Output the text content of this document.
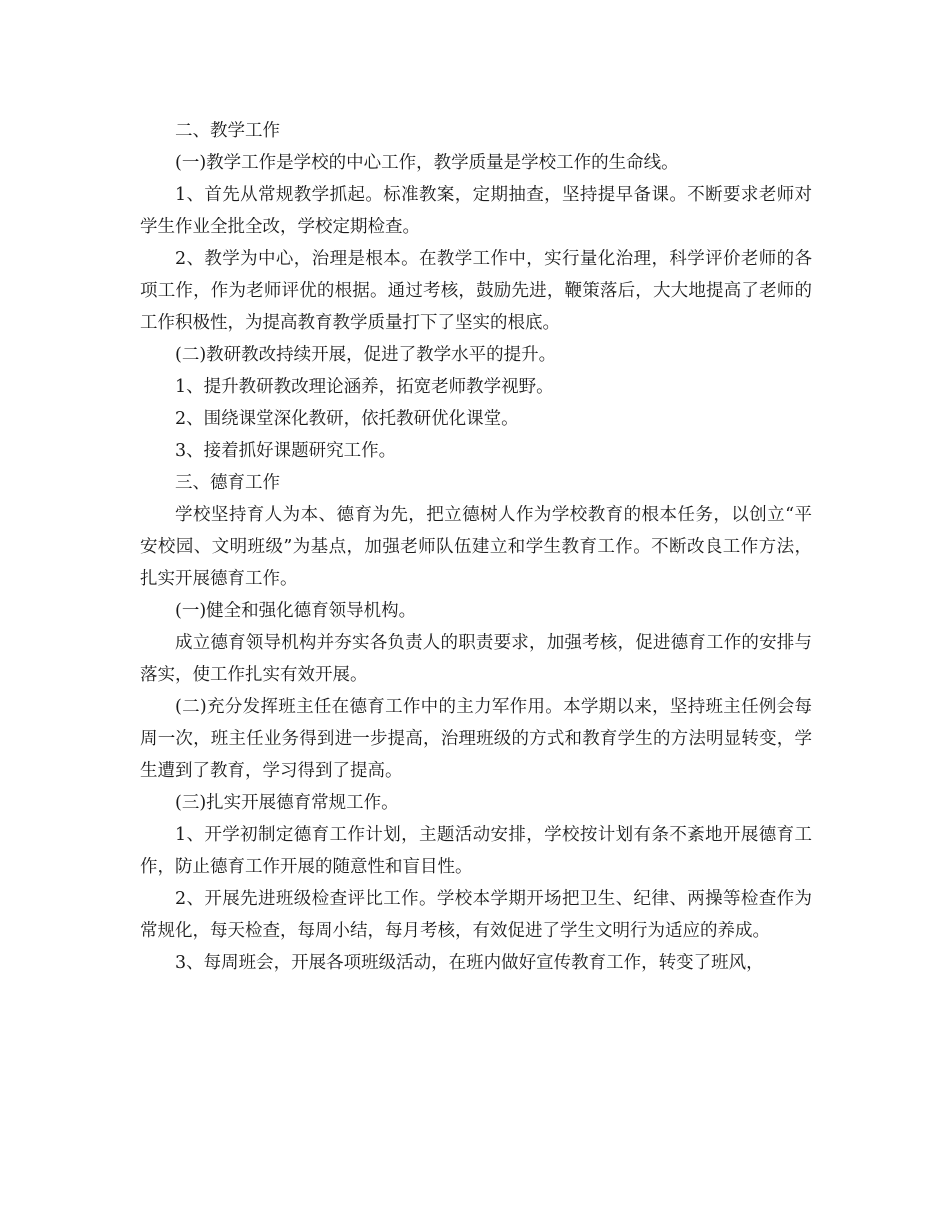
二、教学工作

(一)教学工作是学校的中心工作，教学质量是学校工作的生命线。

1、首先从常规教学抓起。标准教案，定期抽查，坚持提早备课。不断要求老师对学生作业全批全改，学校定期检查。

2、教学为中心，治理是根本。在教学工作中，实行量化治理，科学评价老师的各项工作，作为老师评优的根据。通过考核，鼓励先进，鞭策落后，大大地提高了老师的工作积极性，为提高教育教学质量打下了坚实的根底。

(二)教研教改持续开展，促进了教学水平的提升。

1、提升教研教改理论涵养，拓宽老师教学视野。

2、围绕课堂深化教研，依托教研优化课堂。

3、接着抓好课题研究工作。

三、德育工作

学校坚持育人为本、德育为先，把立德树人作为学校教育的根本任务，以创立“平安校园、文明班级”为基点，加强老师队伍建立和学生教育工作。不断改良工作方法，扎实开展德育工作。

(一)健全和强化德育领导机构。

成立德育领导机构并夯实各负责人的职责要求，加强考核，促进德育工作的安排与落实，使工作扎实有效开展。

(二)充分发挥班主任在德育工作中的主力军作用。本学期以来，坚持班主任例会每周一次，班主任业务得到进一步提高，治理班级的方式和教育学生的方法明显转变，学生遭到了教育，学习得到了提高。

(三)扎实开展德育常规工作。

1、开学初制定德育工作计划，主题活动安排，学校按计划有条不紊地开展德育工作，防止德育工作开展的随意性和盲目性。

2、开展先进班级检查评比工作。学校本学期开场把卫生、纪律、两操等检查作为常规化，每天检查，每周小结，每月考核，有效促进了学生文明行为适应的养成。

3、每周班会，开展各项班级活动，在班内做好宣传教育工作，转变了班风，
